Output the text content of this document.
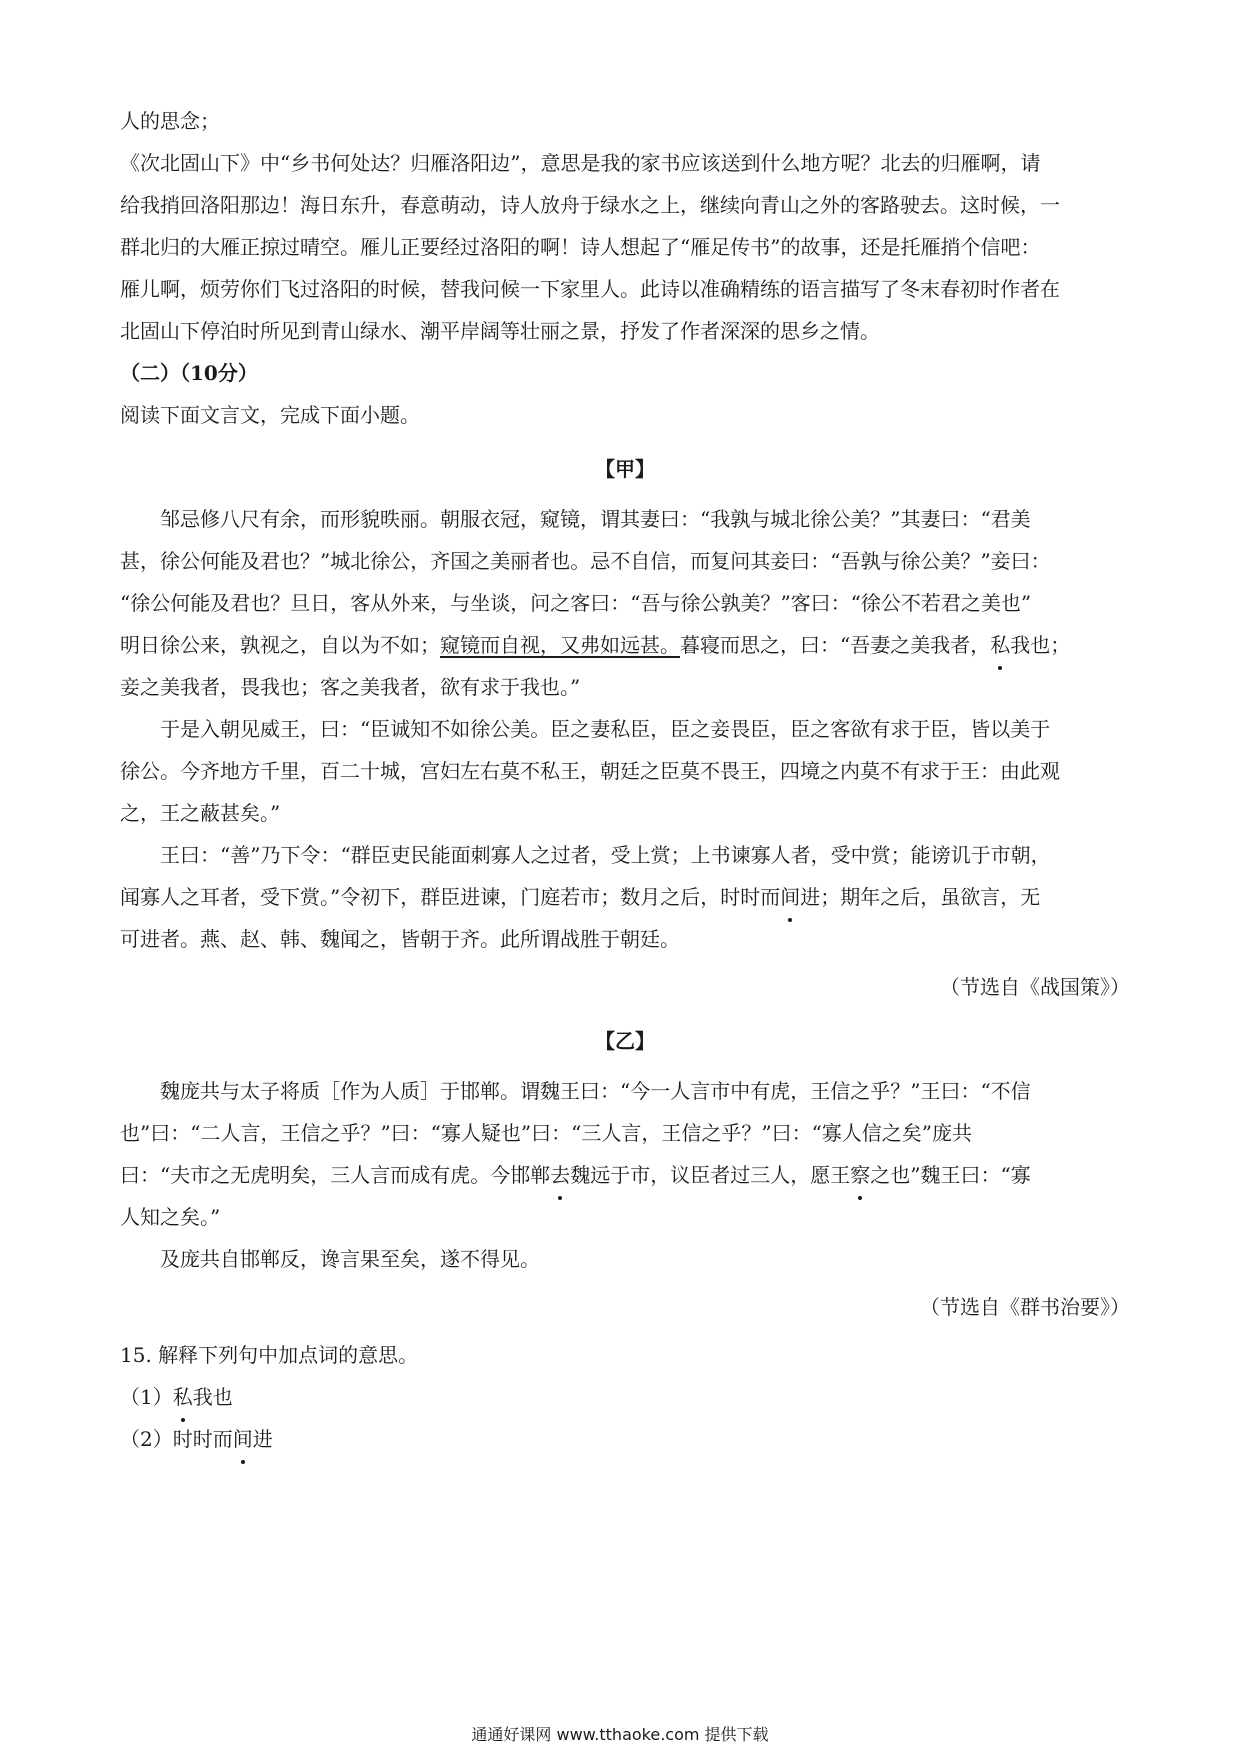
人的思念；

《次北固山下》中“乡书何处达？归雁洛阳边”，意思是我的家书应该送到什么地方呢？北去的归雁啊，请

给我捎回洛阳那边！海日东升，春意萌动，诗人放舟于绿水之上，继续向青山之外的客路驶去。这时候，一

群北归的大雁正掠过晴空。雁儿正要经过洛阳的啊！诗人想起了“雁足传书”的故事，还是托雁捎个信吧：

雁儿啊，烦劳你们飞过洛阳的时候，替我问候一下家里人。此诗以准确精练的语言描写了冬末春初时作者在

北固山下停泊时所见到青山绿水、潮平岸阔等壮丽之景，抒发了作者深深的思乡之情。

（二）（10分）

阅读下面文言文，完成下面小题。

【甲】

邹忌修八尺有余，而形貌昳丽。朝服衣冠，窥镜，谓其妻曰：“我孰与城北徐公美？”其妻曰：“君美

甚，徐公何能及君也？”城北徐公，齐国之美丽者也。忌不自信，而复问其妾曰：“吾孰与徐公美？”妾曰：

“徐公何能及君也？旦日，客从外来，与坐谈，问之客曰：“吾与徐公孰美？”客曰：“徐公不若君之美也”

明日徐公来，孰视之，自以为不如；窥镜而自视，又弗如远甚。暮寝而思之，曰：“吾妻之美我者，私我也；

妾之美我者，畏我也；客之美我者，欲有求于我也。”

于是入朝见威王，曰：“臣诚知不如徐公美。臣之妻私臣，臣之妾畏臣，臣之客欲有求于臣，皆以美于

徐公。今齐地方千里，百二十城，宫妇左右莫不私王，朝廷之臣莫不畏王，四境之内莫不有求于王：由此观

之，王之蔽甚矣。”

王曰：“善”乃下令：“群臣吏民能面刺寡人之过者，受上赏；上书谏寡人者，受中赏；能谤讥于市朝，

闻寡人之耳者，受下赏。”令初下，群臣进谏，门庭若市；数月之后，时时而间进；期年之后，虽欲言，无

可进者。燕、赵、韩、魏闻之，皆朝于齐。此所谓战胜于朝廷。

（节选自《战国策》）

【乙】

魏庞共与太子将质［作为人质］于邯郸。谓魏王曰：“今一人言市中有虎，王信之乎？”王曰：“不信

也”曰：“二人言，王信之乎？”曰：“寡人疑也”曰：“三人言，王信之乎？”曰：“寡人信之矣”庞共

曰：“夫市之无虎明矣，三人言而成有虎。今邯郸去魏远于市，议臣者过三人，愿王察之也”魏王曰：“寡

人知之矣。”

及庞共自邯郸反，谗言果至矣，遂不得见。

（节选自《群书治要》）

15. 解释下列句中加点词的意思。

（1）私我也

（2）时时而间进

通通好课网 www.tthaoke.com 提供下载
